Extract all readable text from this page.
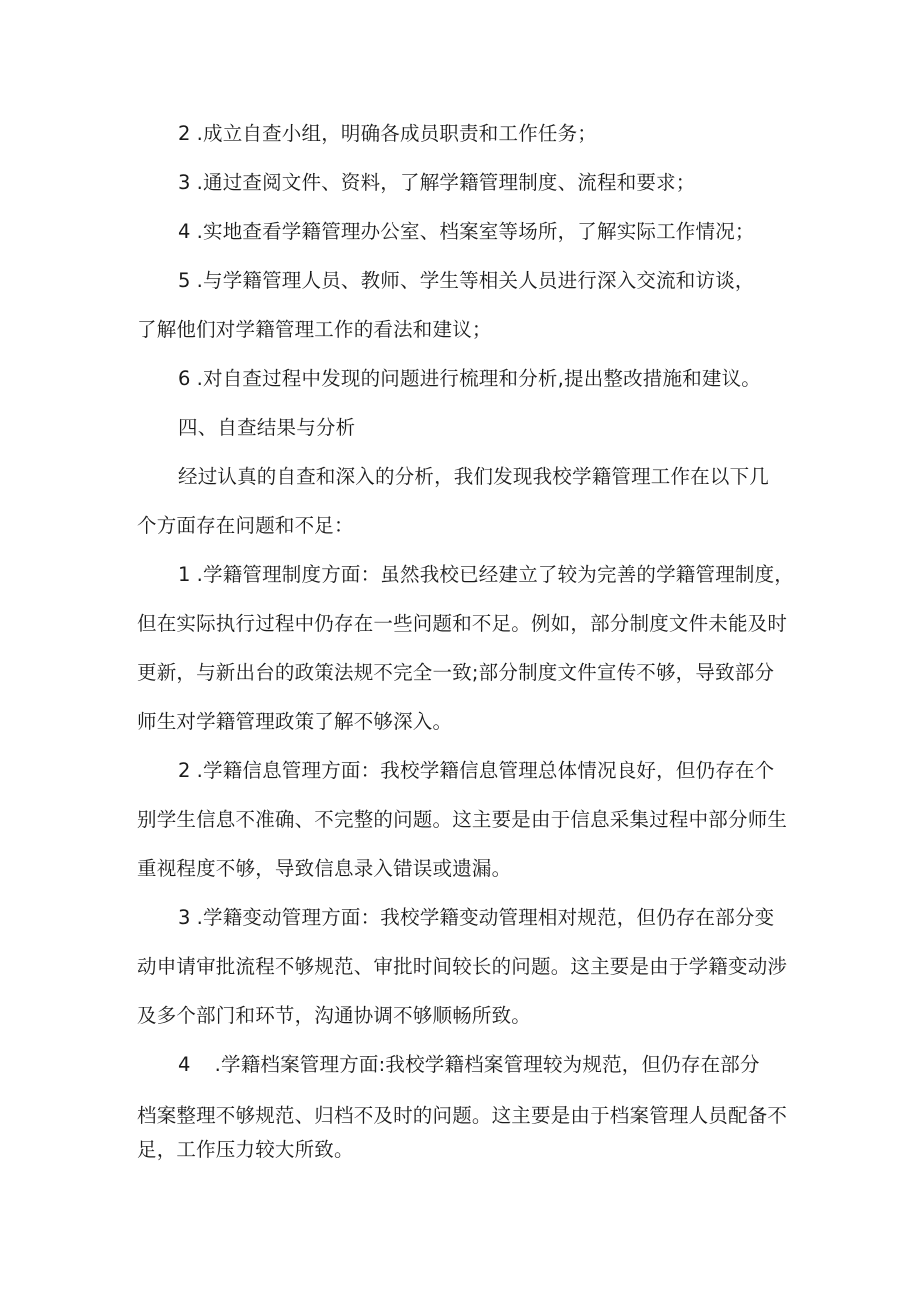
2 .成立自查小组，明确各成员职责和工作任务；
3 .通过查阅文件、资料，了解学籍管理制度、流程和要求；
4 .实地查看学籍管理办公室、档案室等场所，了解实际工作情况；
5 .与学籍管理人员、教师、学生等相关人员进行深入交流和访谈，
了解他们对学籍管理工作的看法和建议；
6 .对自查过程中发现的问题进行梳理和分析,提出整改措施和建议。
四、自查结果与分析
经过认真的自查和深入的分析，我们发现我校学籍管理工作在以下几
个方面存在问题和不足：
1 .学籍管理制度方面：虽然我校已经建立了较为完善的学籍管理制度，
但在实际执行过程中仍存在一些问题和不足。例如，部分制度文件未能及时
更新，与新出台的政策法规不完全一致;部分制度文件宣传不够，导致部分
师生对学籍管理政策了解不够深入。
2 .学籍信息管理方面：我校学籍信息管理总体情况良好，但仍存在个
别学生信息不准确、不完整的问题。这主要是由于信息采集过程中部分师生
重视程度不够，导致信息录入错误或遗漏。
3 .学籍变动管理方面：我校学籍变动管理相对规范，但仍存在部分变
动申请审批流程不够规范、审批时间较长的问题。这主要是由于学籍变动涉
及多个部门和环节，沟通协调不够顺畅所致。
4 .学籍档案管理方面:我校学籍档案管理较为规范，但仍存在部分
档案整理不够规范、归档不及时的问题。这主要是由于档案管理人员配备不
足，工作压力较大所致。
